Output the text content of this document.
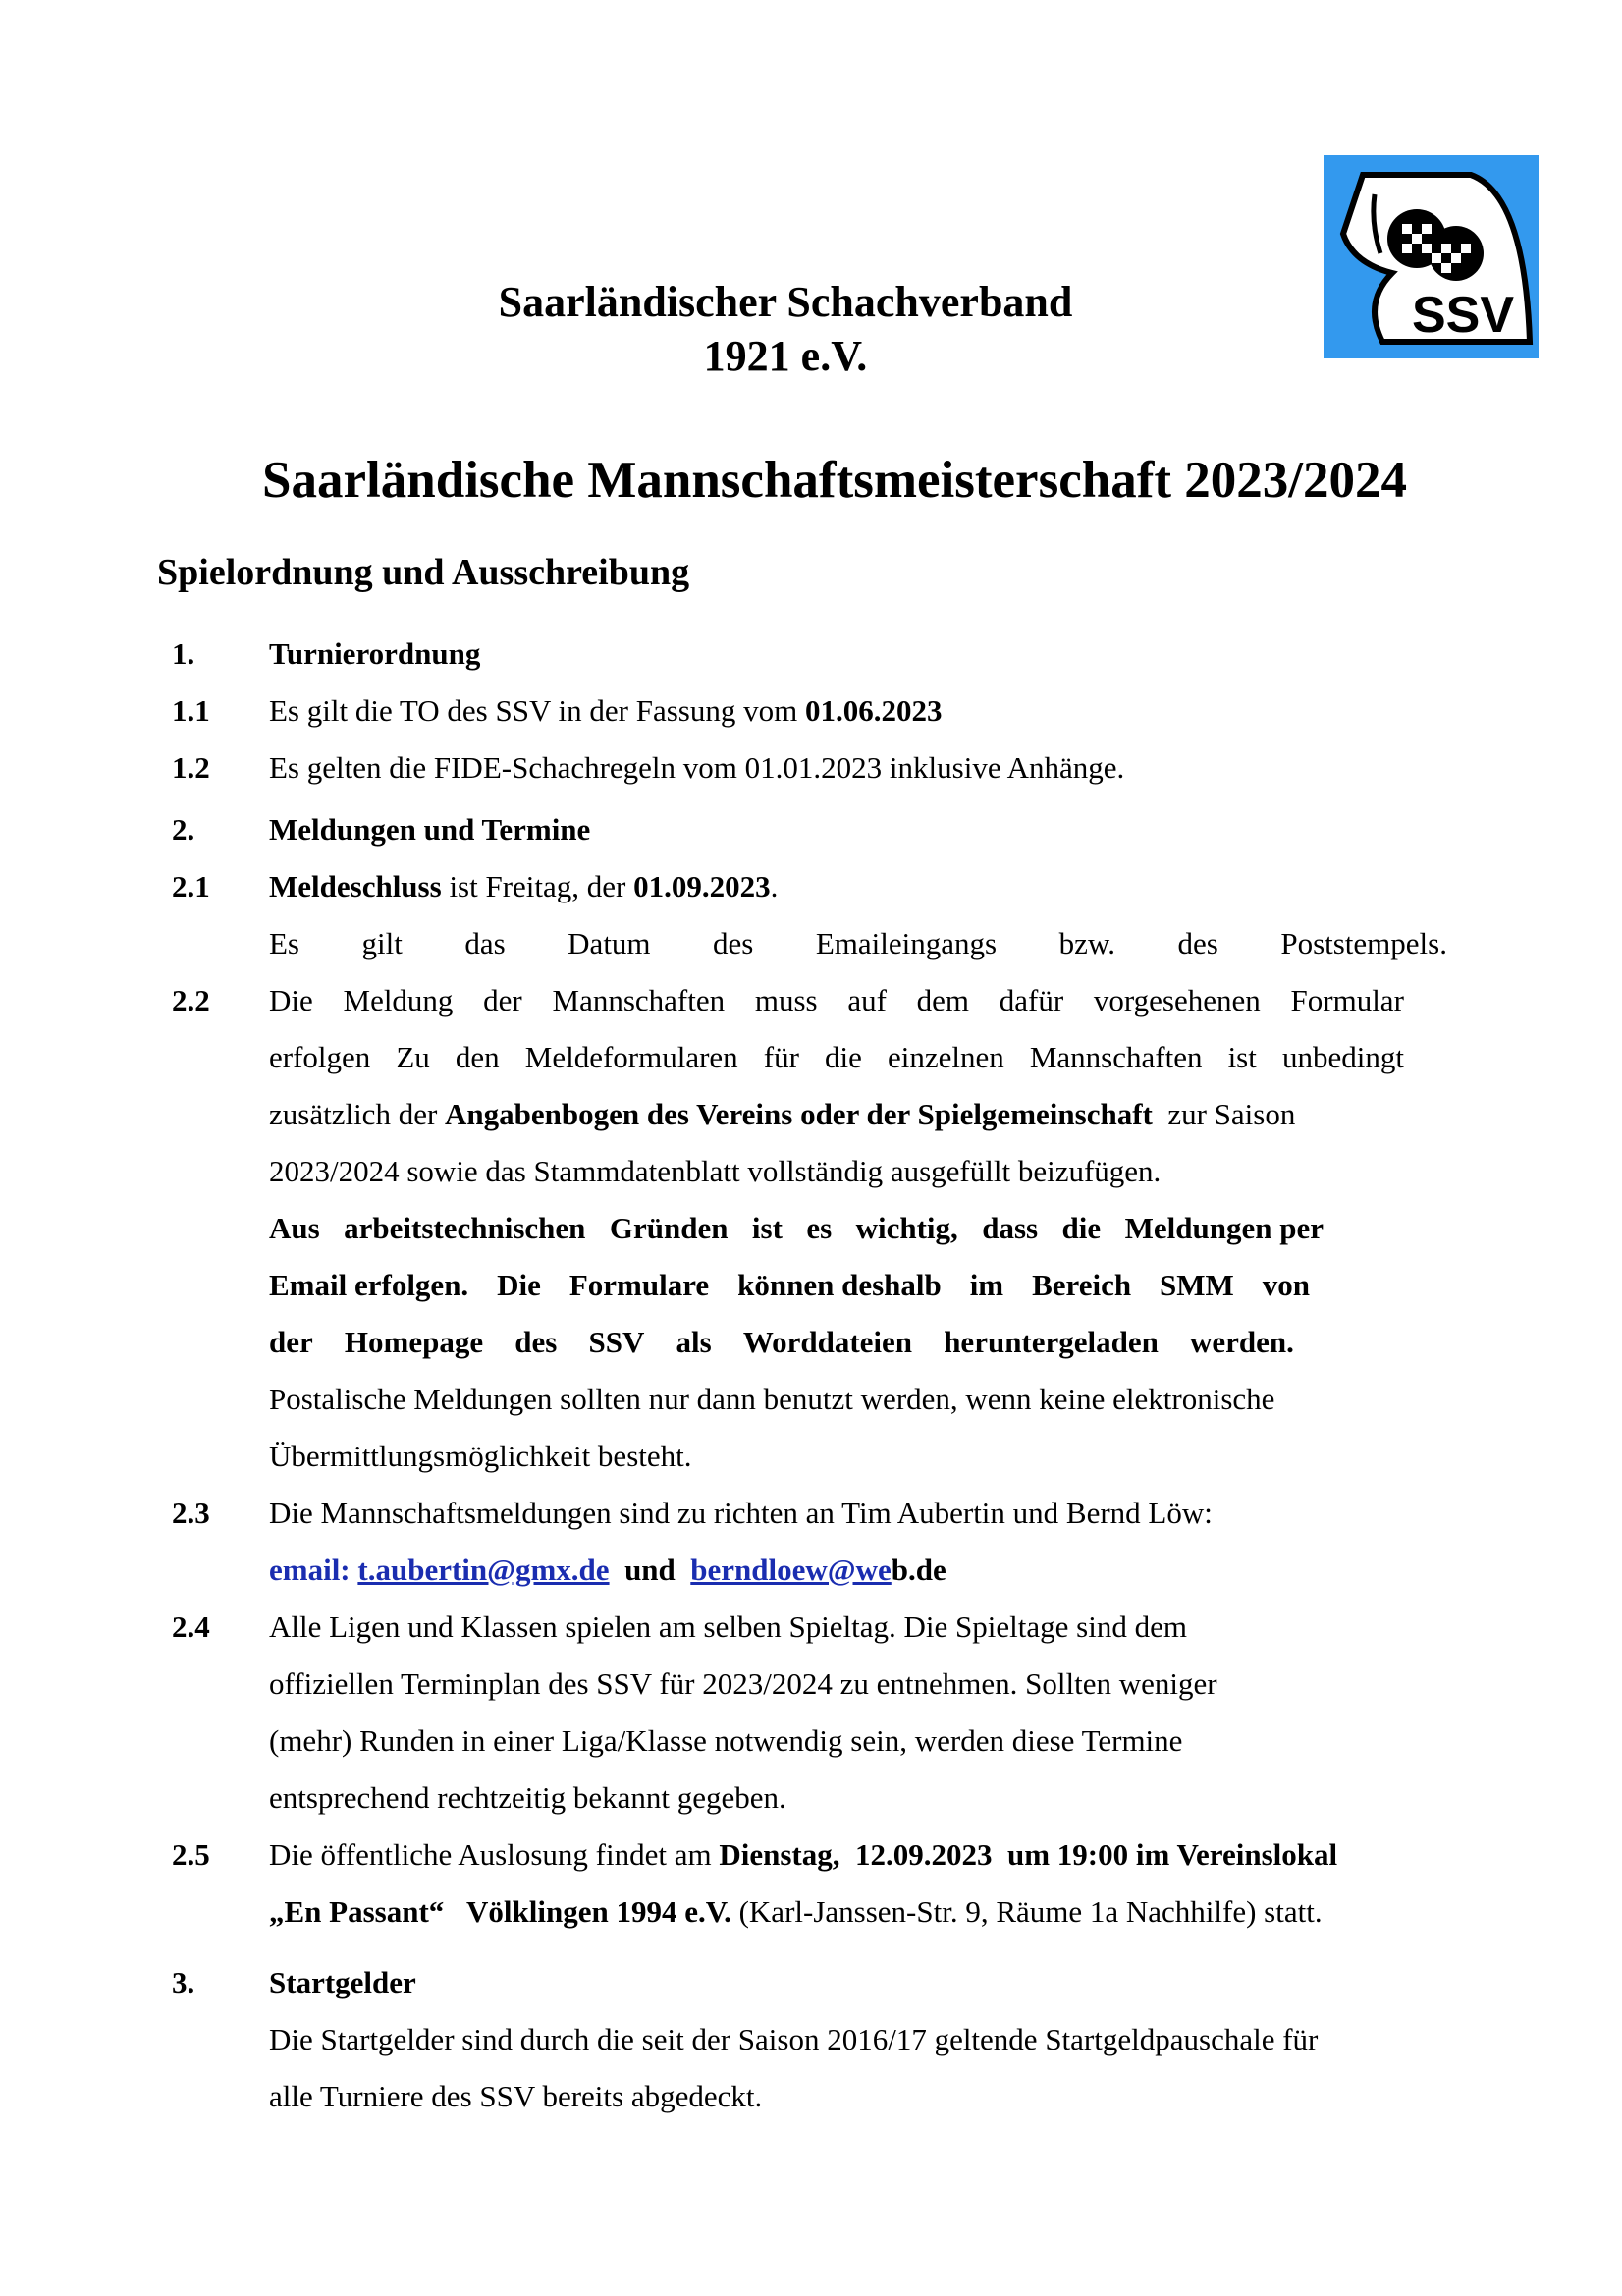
SSV
Saarländischer Schachverband
1921 e.V.
Saarländische Mannschaftsmeisterschaft 2023/2024
Spielordnung und Ausschreibung
1. Turnierordnung
1.1 Es gilt die TO des SSV in der Fassung vom 01.06.2023
1.2 Es gelten die FIDE-Schachregeln vom 01.01.2023 inklusive Anhänge.
2. Meldungen und Termine
2.1 Meldeschluss ist Freitag, der 01.09.2023.
Es gilt das Datum des Emaileingangs bzw. des Poststempels.
2.2 Die Meldung der Mannschaften muss auf dem dafür vorgesehenen Formular
erfolgen Zu den Meldeformularen für die einzelnen Mannschaften ist unbedingt
zusätzlich der Angabenbogen des Vereins oder der Spielgemeinschaft zur Saison
2023/2024 sowie das Stammdatenblatt vollständig ausgefüllt beizufügen.
Aus arbeitstechnischen Gründen ist es wichtig, dass die Meldungen per
Email erfolgen. Die Formulare können deshalb im Bereich SMM von
der Homepage des SSV als Worddateien heruntergeladen werden.
Postalische Meldungen sollten nur dann benutzt werden, wenn keine elektronische
Übermittlungsmöglichkeit besteht.
2.3 Die Mannschaftsmeldungen sind zu richten an Tim Aubertin und Bernd Löw:
email: t.aubertin@gmx.de und  berndloew@web.de
2.4 Alle Ligen und Klassen spielen am selben Spieltag. Die Spieltage sind dem
offiziellen Terminplan des SSV für 2023/2024 zu entnehmen. Sollten weniger
(mehr) Runden in einer Liga/Klasse notwendig sein, werden diese Termine
entsprechend rechtzeitig bekannt gegeben.
2.5 Die öffentliche Auslosung findet am Dienstag,  12.09.2023  um 19:00 im Vereinslokal
„En Passant“   Völklingen 1994 e.V. (Karl-Janssen-Str. 9, Räume 1a Nachhilfe) statt.
3. Startgelder
Die Startgelder sind durch die seit der Saison 2016/17 geltende Startgeldpauschale für
alle Turniere des SSV bereits abgedeckt.
